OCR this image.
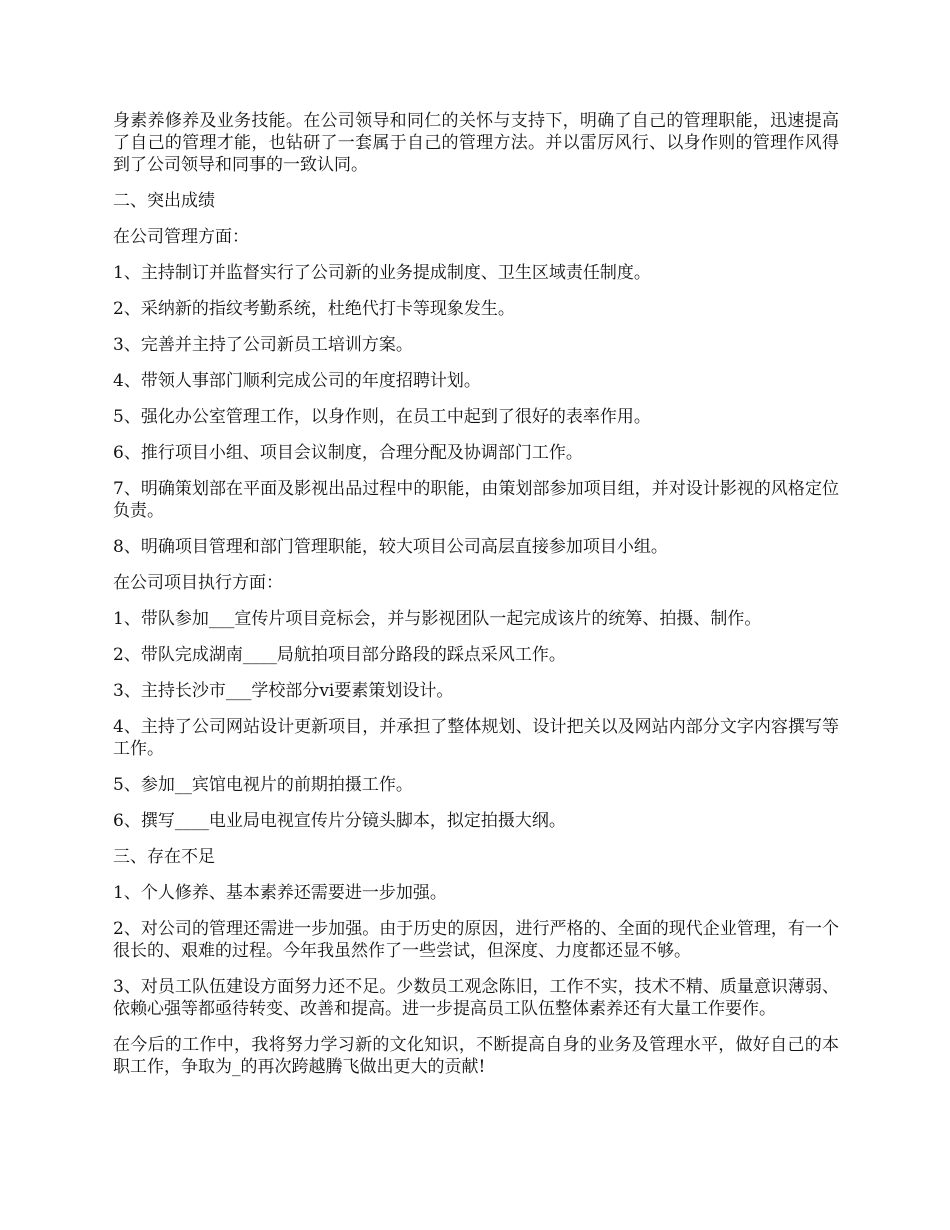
身素养修养及业务技能。在公司领导和同仁的关怀与支持下，明确了自己的管理职能，迅速提高了自己的管理才能，也钻研了一套属于自己的管理方法。并以雷厉风行、以身作则的管理作风得到了公司领导和同事的一致认同。

二、突出成绩

在公司管理方面：

1、主持制订并监督实行了公司新的业务提成制度、卫生区域责任制度。

2、采纳新的指纹考勤系统，杜绝代打卡等现象发生。

3、完善并主持了公司新员工培训方案。

4、带领人事部门顺利完成公司的年度招聘计划。

5、强化办公室管理工作，以身作则，在员工中起到了很好的表率作用。

6、推行项目小组、项目会议制度，合理分配及协调部门工作。

7、明确策划部在平面及影视出品过程中的职能，由策划部参加项目组，并对设计影视的风格定位负责。

8、明确项目管理和部门管理职能，较大项目公司高层直接参加项目小组。

在公司项目执行方面：

1、带队参加___宣传片项目竞标会，并与影视团队一起完成该片的统筹、拍摄、制作。

2、带队完成湖南____局航拍项目部分路段的踩点采风工作。

3、主持长沙市___学校部分vi要素策划设计。

4、主持了公司网站设计更新项目，并承担了整体规划、设计把关以及网站内部分文字内容撰写等工作。

5、参加__宾馆电视片的前期拍摄工作。

6、撰写____电业局电视宣传片分镜头脚本，拟定拍摄大纲。

三、存在不足

1、个人修养、基本素养还需要进一步加强。

2、对公司的管理还需进一步加强。由于历史的原因，进行严格的、全面的现代企业管理，有一个很长的、艰难的过程。今年我虽然作了一些尝试，但深度、力度都还显不够。

3、对员工队伍建设方面努力还不足。少数员工观念陈旧，工作不实，技术不精、质量意识薄弱、依赖心强等都亟待转变、改善和提高。进一步提高员工队伍整体素养还有大量工作要作。

在今后的工作中，我将努力学习新的文化知识，不断提高自身的业务及管理水平，做好自己的本职工作，争取为_的再次跨越腾飞做出更大的贡献!
